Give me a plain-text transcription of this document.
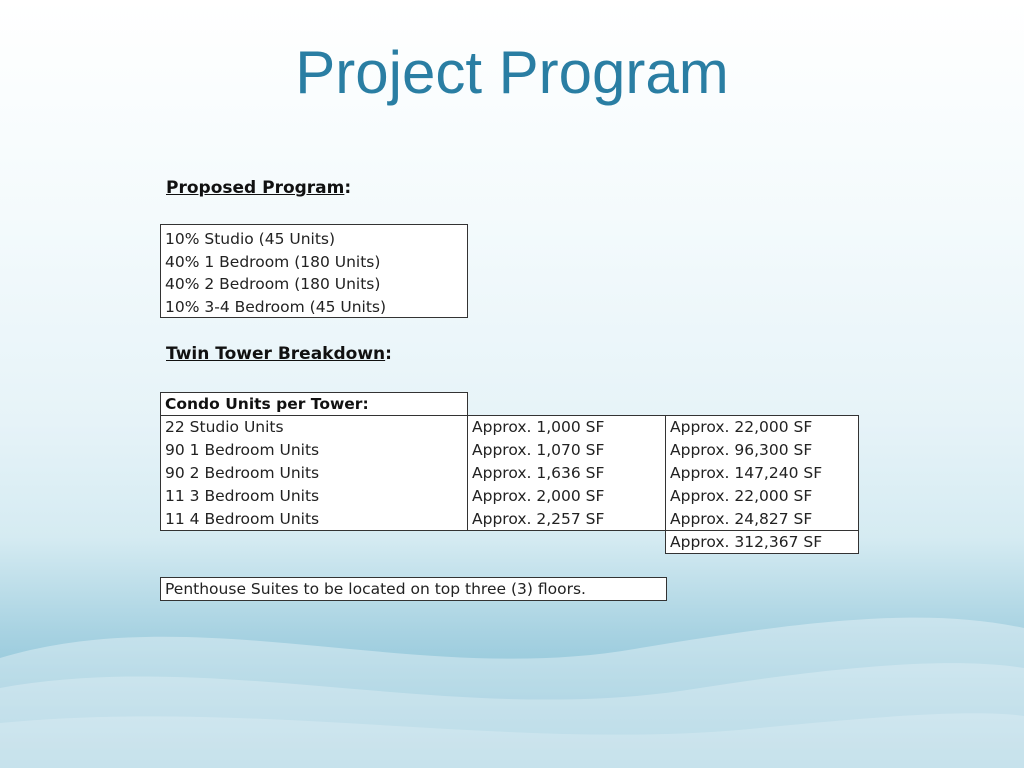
Project Program
Proposed Program:
10% Studio (45 Units)
40% 1 Bedroom (180 Units)
40% 2 Bedroom (180 Units)
10% 3-4 Bedroom (45 Units)
Twin Tower Breakdown:
Condo Units per Tower:
22 Studio Units
90 1 Bedroom Units
90 2 Bedroom Units
11 3 Bedroom Units
11 4 Bedroom Units
Approx. 1,000 SF
Approx. 1,070 SF
Approx. 1,636 SF
Approx. 2,000 SF
Approx. 2,257 SF
Approx. 22,000 SF
Approx. 96,300 SF
Approx. 147,240 SF
Approx. 22,000 SF
Approx. 24,827 SF
Approx. 312,367 SF
Penthouse Suites to be located on top three (3) floors.
